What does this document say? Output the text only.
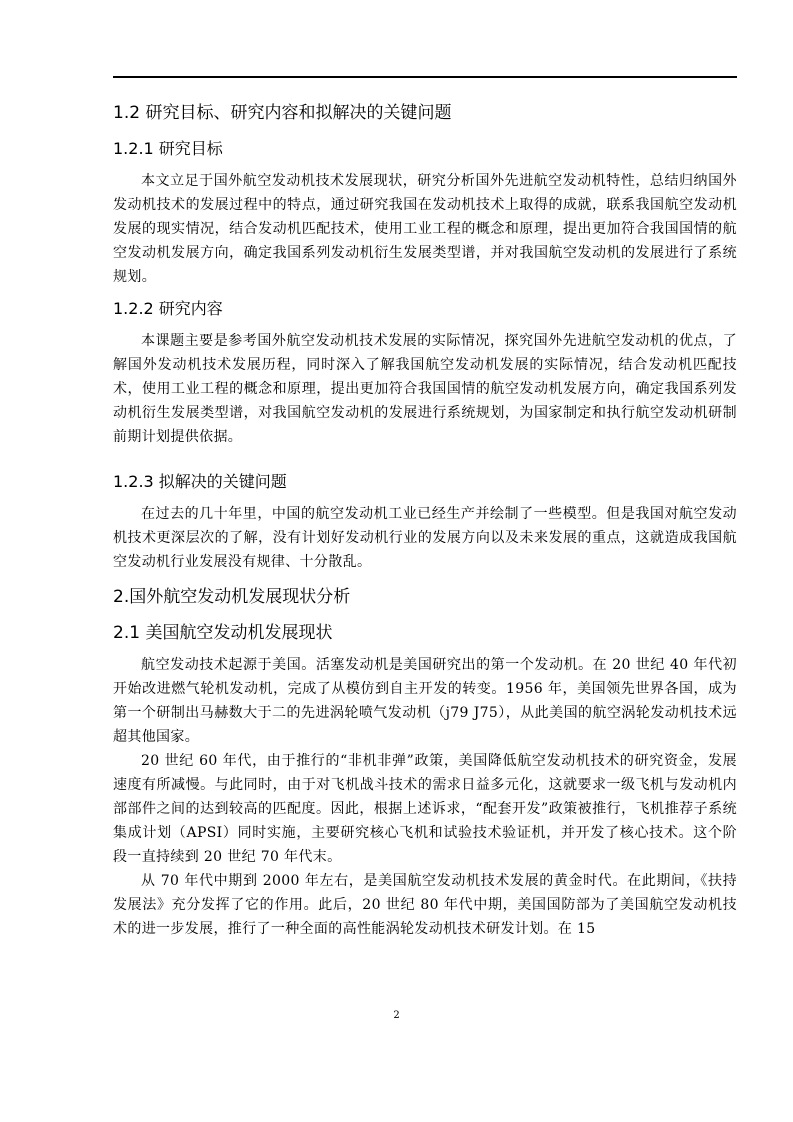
1.2 研究目标、研究内容和拟解决的关键问题
1.2.1 研究目标

本文立足于国外航空发动机技术发展现状，研究分析国外先进航空发动机特性，总结归纳国外发动机技术的发展过程中的特点，通过研究我国在发动机技术上取得的成就，联系我国航空发动机发展的现实情况，结合发动机匹配技术，使用工业工程的概念和原理，提出更加符合我国国情的航空发动机发展方向，确定我国系列发动机衍生发展类型谱，并对我国航空发动机的发展进行了系统规划。

1.2.2 研究内容

本课题主要是参考国外航空发动机技术发展的实际情况，探究国外先进航空发动机的优点，了解国外发动机技术发展历程，同时深入了解我国航空发动机发展的实际情况，结合发动机匹配技术，使用工业工程的概念和原理，提出更加符合我国国情的航空发动机发展方向，确定我国系列发动机衍生发展类型谱，对我国航空发动机的发展进行系统规划，为国家制定和执行航空发动机研制前期计划提供依据。

1.2.3 拟解决的关键问题

在过去的几十年里，中国的航空发动机工业已经生产并绘制了一些模型。但是我国对航空发动机技术更深层次的了解，没有计划好发动机行业的发展方向以及未来发展的重点，这就造成我国航空发动机行业发展没有规律、十分散乱。

2.国外航空发动机发展现状分析
2.1 美国航空发动机发展现状

航空发动技术起源于美国。活塞发动机是美国研究出的第一个发动机。在 20 世纪 40 年代初开始改进燃气轮机发动机，完成了从模仿到自主开发的转变。1956 年，美国领先世界各国，成为第一个研制出马赫数大于二的先进涡轮喷气发动机（j79 J75），从此美国的航空涡轮发动机技术远超其他国家。

20 世纪 60 年代，由于推行的“非机非弹”政策，美国降低航空发动机技术的研究资金，发展速度有所减慢。与此同时，由于对飞机战斗技术的需求日益多元化，这就要求一级飞机与发动机内部部件之间的达到较高的匹配度。因此，根据上述诉求，“配套开发”政策被推行，飞机推荐子系统集成计划（APSI）同时实施，主要研究核心飞机和试验技术验证机，并开发了核心技术。这个阶段一直持续到 20 世纪 70 年代末。

从 70 年代中期到 2000 年左右，是美国航空发动机技术发展的黄金时代。在此期间，《扶持发展法》充分发挥了它的作用。此后，20 世纪 80 年代中期，美国国防部为了美国航空发动机技术的进一步发展，推行了一种全面的高性能涡轮发动机技术研发计划。在 15

2
